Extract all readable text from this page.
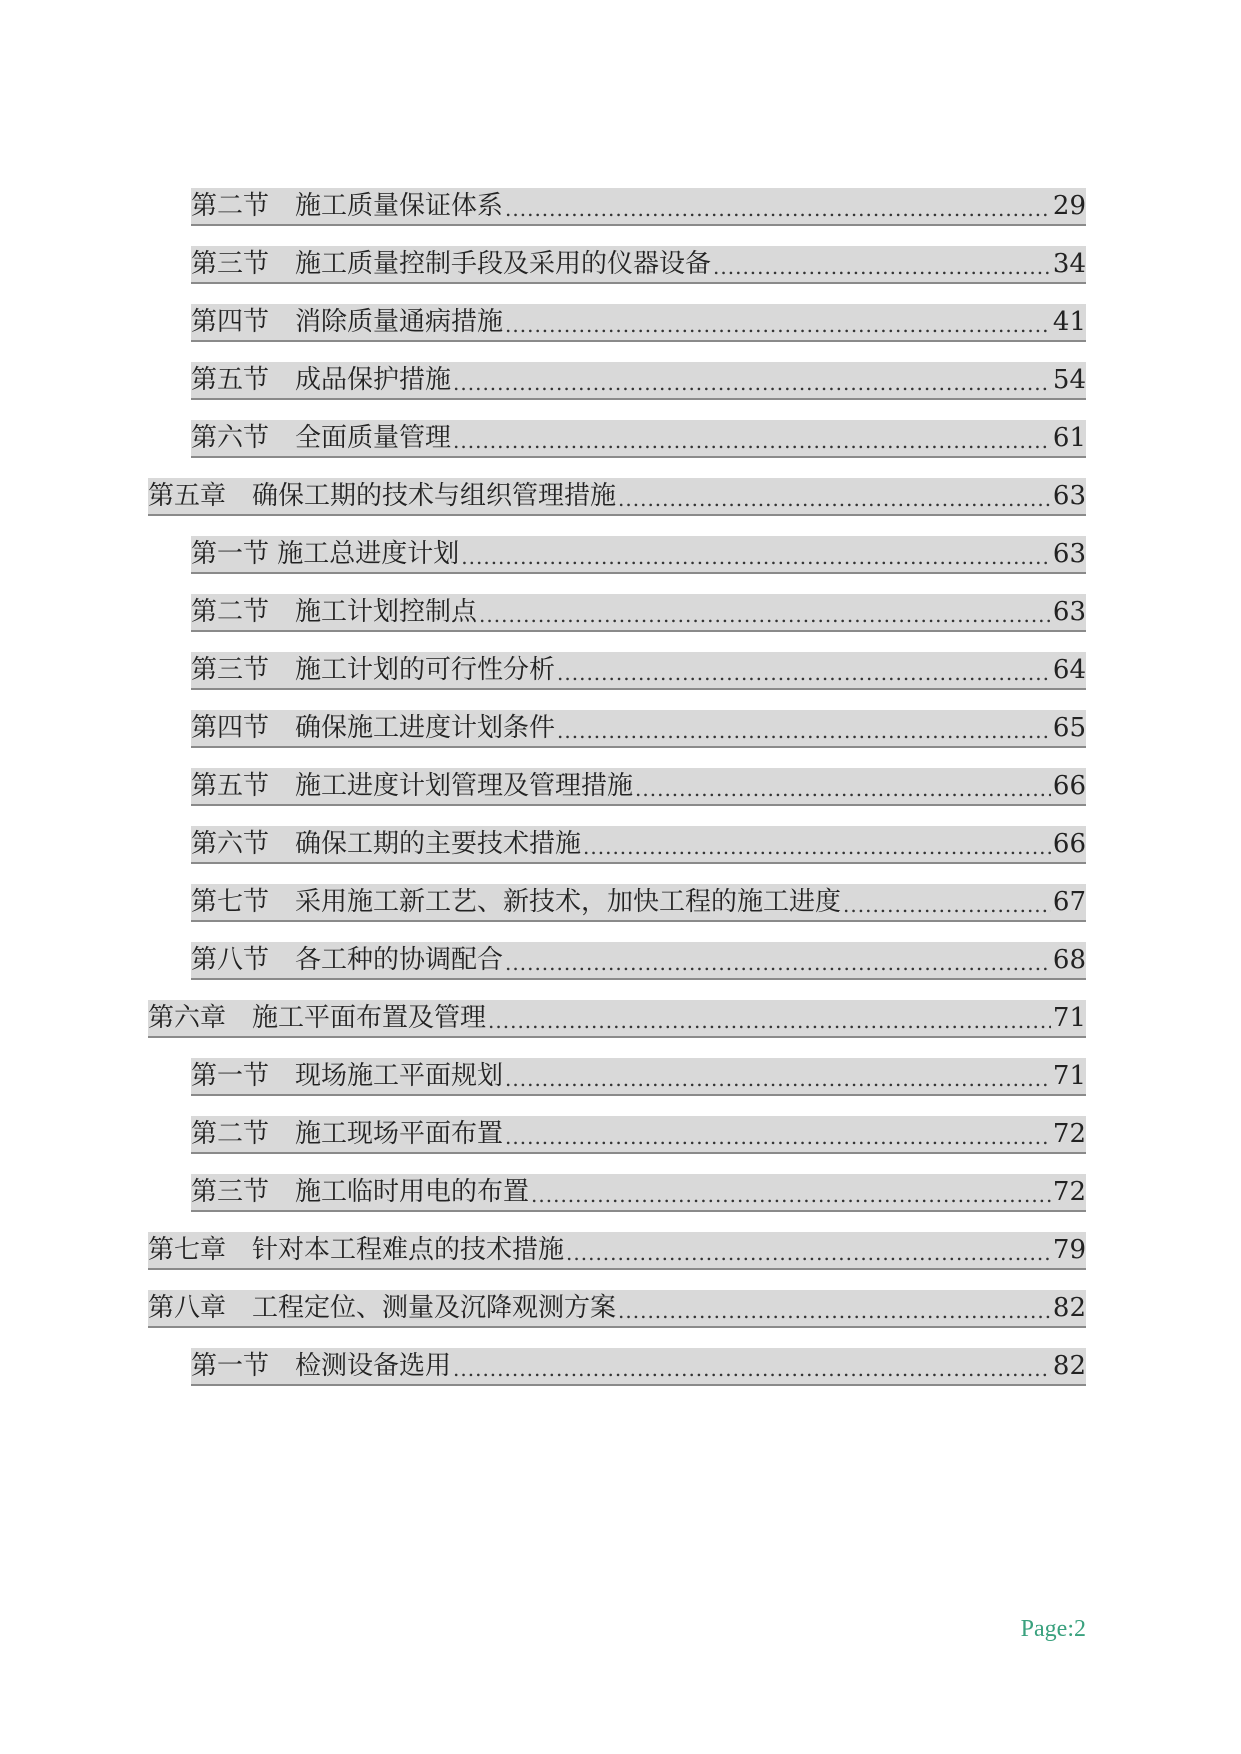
第二节　施工质量保证体系 .....	29
第三节　施工质量控制手段及采用的仪器设备 .....	34
第四节　消除质量通病措施 .....	41
第五节　成品保护措施 .....	54
第六节　全面质量管理 .....	61
第五章　确保工期的技术与组织管理措施 .....	63
第一节 施工总进度计划 .....	63
第二节　施工计划控制点 .....	63
第三节　施工计划的可行性分析 .....	64
第四节　确保施工进度计划条件 .....	65
第五节　施工进度计划管理及管理措施 .....	66
第六节　确保工期的主要技术措施 .....	66
第七节　采用施工新工艺、新技术，加快工程的施工进度 .....	67
第八节　各工种的协调配合 .....	68
第六章　施工平面布置及管理 .....	71
第一节　现场施工平面规划 .....	71
第二节　施工现场平面布置 .....	72
第三节　施工临时用电的布置 .....	72
第七章　针对本工程难点的技术措施 .....	79
第八章　工程定位、测量及沉降观测方案 .....	82
第一节　检测设备选用 .....	82
Page:2
